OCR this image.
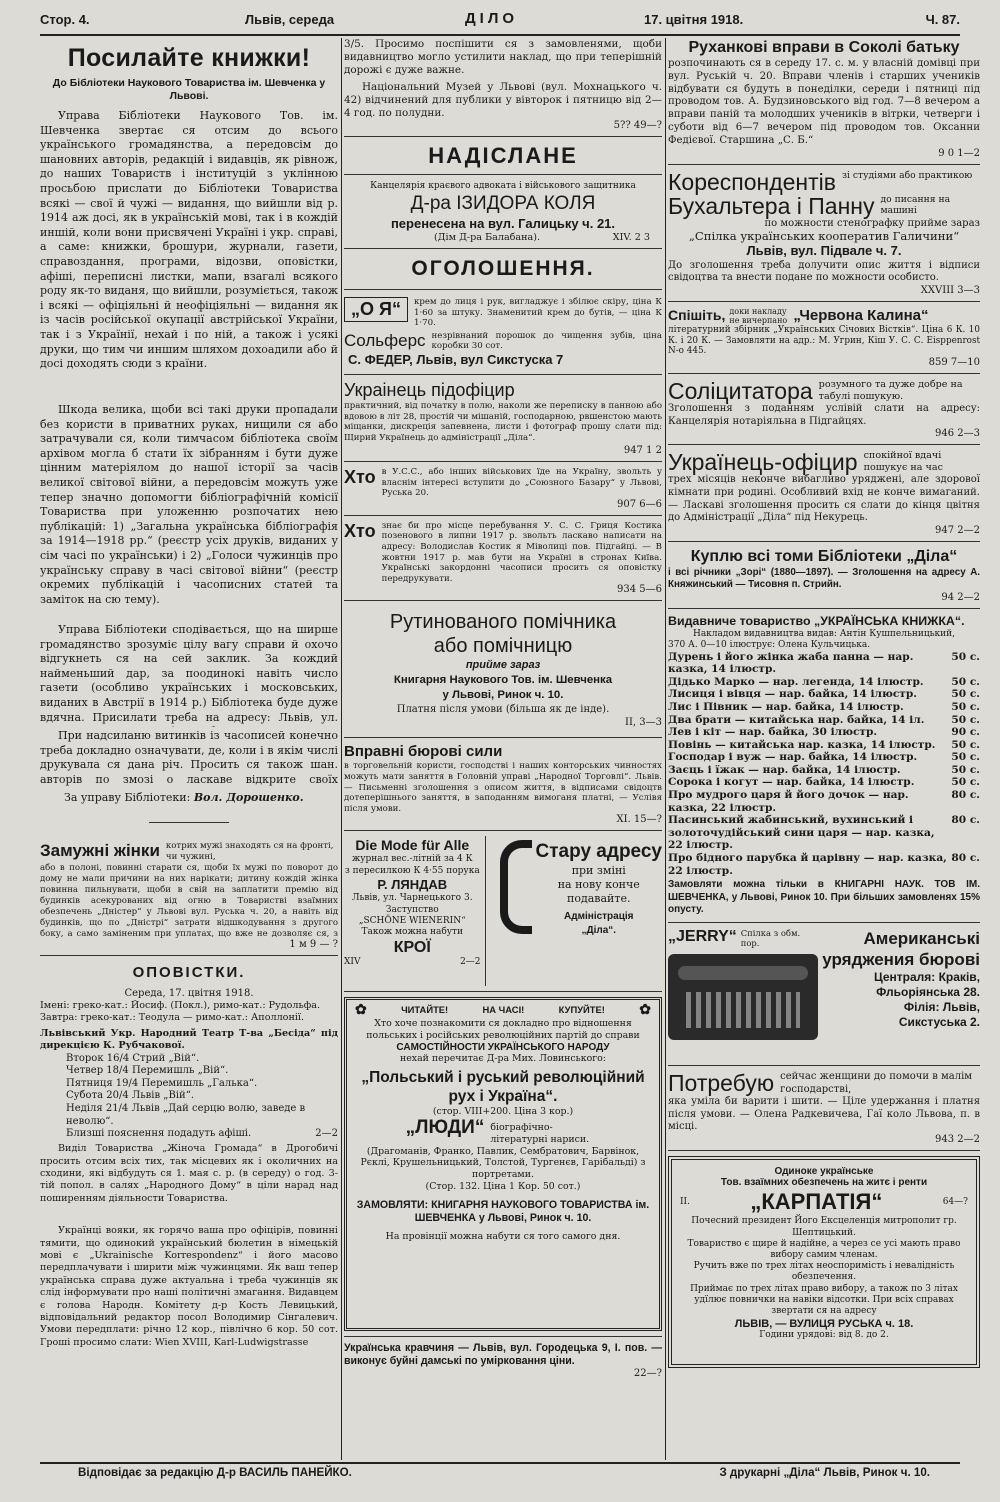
Стор. 4.	Львів, середа	ДІЛО	17. цвітня 1918.	Ч. 87.
Посилайте книжки!
До Бібліотеки Наукового Товариства ім. Шевченка у Львові.

Управа Бібліотеки Наукового Тов. ім. Шевченка звертає ся отсим до всього українського громадянства, а передовсім до шановних авторів, редакцій і видавців, як рівнож, до наших Товариств і інституцій з уклінною просьбою прислати до Бібліотеки Товариства всякі — свої й чужі — видання, що вийшли від р. 1914 аж досі, як в українській мові, так і в кождій иншій, коли вони присвячені Україні і укр. справі, а саме: книжки, брошури, журнали, газети, справоздання, програми, відозви, оповістки, афіші, перепиcні листки, мапи, взагалі всякого роду як-то виданя, що вийшли, розуміється, також і всякі — офіціяльні й неофіціяльні — видання як із часів російської окупації австрійської України, так і з Українії, нехай і по ній, а також і усякі друки, що тим чи иншим шляхом дохоадили або й досі доходять сюди з країни.

Шкода велика, щоби всі такі друки пропадали без користи в приватних руках, нищили ся або затрачували ся, коли тимчасом бібліотека своїм архівом могла б стати їх зібранням і бути дуже цінним матеріялом до нашої історії за часів великої світової війни, а передовсім можуть уже тепер значно допомогти бібліографічній комісії Товариства при уложенню розпочатих нею публікацій: 1) „Загальна українська бібліографія за 1914—1918 рр.“ (реєстр усіх друків, виданих у сім часі по українськи) і 2) „Голоси чужинців про українську справу в часі світової війни“ (реєстр окремих публікацій і часописних статей та заміток на сю тему).

Управа Бібліотеки сподівається, що на ширше громадянство зрозуміє цілу вагу справи й охочо відгукнеть ся на сей заклик. За кождий найменьший дар, за поодинокі навіть число газети (особливо українських і московських, виданих в Австрії в 1914 р.) Бібліотека буде дуже вдячна. Присилати треба на адресу: Львів, ул.

При надсиланю витинків із часописей конечно треба докладно означувати, де, коли і в якім числі друкувала ся дана річ. Просить ся також шан. авторів по змозі о ласкаве відкрите своїх

За управу Бібліотеки: Вол. Дорошенко.
Замужні жінки котрих мужі знаходять ся на фронті, чи чужині,

або в полоні, повинні старати ся, щоби їх мужі по поворот до дому не мали причини на них нарікати; дитину кождій жінка повинна пильнувати, щоби в свій на заплатити премію від будинків асекурованих від огню в Товаристві взаїмних обезпечень „Дністер“ у Львові вул. Руська ч. 20, а навіть від будинків, що по „Дністрі“ затрати відшкодування з другого боку, а само заміненим при уплатах, що вже не дозволяє ся, з

1 м 9 — ?
ОПОВІСТКИ.
Середа, 17. цвітня 1918.

Імені: греко-кат.: Йосиф. (Покл.), римо-кат.: Рудольфа.

Завтра: греко-кат.: Теодула — римо-кат.: Аполлонії.

Львівський Укр. Народний Театр Т-ва „Бесіда“ під дирекцією К. Рубчакової.

Второк 16/4 Стрий „Вій“.
Четвер 18/4 Перемишль „Вій“.
Пятниця 19/4 Перемишль „Галька“.
Субота 20/4 Львів „Вій“.
Неділя 21/4 Львів „Дай серцю волю, заведе в неволю“.
Близші пояснення подадуть афіші.	2—2

Виділ Товариства „Жіноча Громада“ в Дрогобичі просить отсим всіх тих, так місцевих як і околичних на сходини, які відбудуть ся 1. мая с. р. (в середу) о год. 3-тій попол. в салях „Народного Дому“ в ціли нарад над поширенням діяльности Товариства.

Українці вояки, як горячо ваша про офіцірів, повинні тямити, що одинокий український бюлетин в німецькій мові є „Ukrainische Korrespondenz“ і його масово передплачувати і ширити між чужинцями. Як ваш тепер українська справа дуже актуальна і треба чужинців як слід інформувати про наші політичні змагання. Видавцем є голова Народн. Комітету д-р Кость Левицький, відповідальний редактор посол Володимир Сінгалевич. Умови передплати: річно 12 кор., півлічно 6 кор. 50 сот. Гроші просимо слати: Wien XVIII, Karl-Ludwigstrasse

3/5. Просимо поспішити ся з замовленями, щоби видавництво могло устилити наклад, що при теперішній дорожі є дуже важне.

Національний Музей у Львові (вул. Мохнацького ч. 42) відчинений для публики у вівторок і пятницю від 2—4 год. по полудни.

5?? 49—?
НАДІСЛАНЕ
Канцелярія краєвого адвоката і військового защитника
Д-ра ІЗИДОРА КОЛЯ
перенесена на вул. Галицьку ч. 21.
(Дім Д-ра Балабана).	XIV. 2 3
ОГОЛОШЕННЯ.
„О Я“	крем до лиця і рук, вигладжує і збілює скіру, ціна К 1·60 за штуку. Знаменитий крем до бутів, — ціна К 1·70.

Сольферс незрівнаний порошок до чищення зубів, ціна коробки 30 сот.

С. ФЕДЕР, Львів, вул Сикстуска 7
Украінець підофіцир

практичний, від початку в полю, наколи же переписку в панною або вдовою в літ 28, простій чи мішаній, господарною, рвшенстою мають міщанки, дискреція запевнена, листи і фотограф прошу слати під: Щирий Українець до адміністрації „Діла“.

947 1 2
Хто в У.С.С., або інших військових їде на Україну, звольть у власнім інтересі вступити до „Союзного Базару“ у Львові, Руська 20.

907 6—6
Хто знає би про місце перебування У. С. С. Гриця Костика позенового в липни 1917 р. звольть ласкаво написати на адресу: Володислав Костик я Міволиці пов. Підгайці. — В жовтни 1917 р. мав бути на Україні в стронах Київа. Українські закордонні часописи просить ся оповістку передрукувати.

934 5—6
Рутинованого помічника
або помічницю
прийме зараз
Книгарня Наукового Тов. ім. Шевченка
у Львові, Ринок ч. 10.
Платня після умови (більша як де інде).
II, 3—3
Вправні бюрові сили

в торговельній користи, господстві і наших конторських чинностях можуть мати заняття в Головній управі „Народної Торговлі“. Львів. — Письменні зголошення з описом життя, в відписами свідоцтв дотеперішнього заняття, в заподанням вимоганя платні, — Услівя після умови.

XI. 15—?
Die Mode für Alle
журнал вес.-літній за 4 К
з пересилкою К 4·55 порука
Р. ЛЯНДАВ
Львів, ул. Чарнецького 3.
Заступство
„SCHÖNE WIENERIN“
Також можна набути
КРОЇ
XIV	2—2
Стару адресу
при зміні
на нову конче
подавайте.
Адміністрація
„Діла“.
✿	ЧИТАЙТЕ!	НА ЧАСІ!	КУПУЙТЕ! ✿
Хто хоче познакомити ся докладно про відношення польських і російських революційних партій до справи
САМОСТІЙНОСТИ УКРАЇНСЬКОГО НАРОДУ
нехай перечитає Д-ра Мих. Ловинського:
„Польський і руський революційний рух і Україна“.
(стор. VIII+200. Ціна 3 кор.)
„ЛЮДИ“ біографічно-літературні нариси.
(Драгоманів, Франко, Павлик, Сембратович, Барвінок, Рєклі, Крушельницький, Толстой, Тургенєв, Гарібальді) з портретами.
(Стор. 132. Ціна 1 Кор. 50 сот.)
ЗАМОВЛЯТИ: КНИГАРНЯ НАУКОВОГО ТОВАРИСТВА ім. ШЕВЧЕНКА у Львові, Ринок ч. 10.
На провінції можна набути ся того самого дня.

Українська кравчиня — Львів, вул. Городецька 9, I. пов. — виконує буйні дамські по умірковання ціни.

22—?
Руханкові вправи в Соколі батьку

розпочинають ся в середу 17. с. м. у власній домівці при вул. Руській ч. 20. Вправи членів і старших учеників відбувати ся будуть в понеділки, середи і пятниці під проводом тов. А. Будзиновського від год. 7—8 вечером а вправи паній та молодших учеників в вітрки, четверги і суботи від 6—7 вечером під проводом тов. Оксанни Федієвої. Старшина „С. Б.“

9 0 1—2
Кореспондентів зі студіями або практикою
Бухальтера і Панну до писання на машині
по можности стенографку прийме зараз
„Спілка українських кооператив Галичини“
Львів, вул. Підвале ч. 7.

До зголошення треба долучити опис життя і відписи свідоцтва та внести подане по можности особисто.

XXVIII 3—3
Спішіть, доки накладу не вичерпано „Червона Калина“

літературний збірник „Українських Січових Вістків“. Ціна 6 К. 10 К. і 20 К. — Замовляти на адр.: М. Угрин, Кіш У. С. С. Eisppenrost N-o 445.

859 7—10
Соліцитатора розумного та дуже добре на табулі пошукую.

Зголошення з поданням услівій слати на адресу: Канцелярія нотаріяльна в Підгайцях.

946 2—3
Українець-офіцир спокійної вдачі пошукує на час

трех місяців неконче вибагливо уряджені, але здорової кімнати при родині. Особливий вхід не конче вимаганий. — Ласкаві зголошення просить ся слати до кінця цвітня до Адміністрації „Діла“ під Некурець.

947 2—2
Куплю всі томи Бібліотеки „Діла“

і всі річники „Зорі“ (1880—1897). — Зголошення на адресу А. Княжинський — Тисовня п. Стрийн.

94 2—2
Видавниче товариство „УКРАЇНСЬКА КНИЖКА“.
Накладом видавництва видав: Антін Кушпельницький,
370 А. 0—10 ілюструє: Олена Кульчицька.
Дурень і його жінка жаба панна — нар. казка, 14 ілюстр.
50 с.
Дідько Марко — нар. легенда, 14 ілюстр.	50 с.
Лисиця і вівця — нар. байка, 14 ілюстр.	50 с.
Лис і Півник — нар. байка, 14 ілюстр.	50 с.
Два брати — китайська нар. байка, 14 іл.	50 с.
Лев і кіт — нар. байка, 30 ілюстр.	90 с.
Повінь — китайська нар. казка, 14 ілюстр.	50 с.
Господар і вуж — нар. байка, 14 ілюстр.	50 с.
Заєць і їжак — нар. байка, 14 ілюстр.	50 с.
Сорока і когут — нар. байка, 14 ілюстр.	50 с.
Про мудрого царя й його дочок — нар. казка, 22 ілюстр.
80 с.
Пасинський жабинський, вухинський і золоточудійський сини царя — нар. казка, 22 ілюстр.
80 с.
Про бідного парубка й царівну — нар. казка, 22 ілюстр.
80 с.

Замовляти можна тільки в КНИГАРНІ НАУК. ТОВ ІМ. ШЕВЧЕНКА, у Львові, Ринок 10. При більших замовленях 15% опусту.

„JERRY“ Спілка з обм. пор.	Американські уряджения бюрові
Централя: Краків,
Фльоріянська 28.
Філія: Львів,
Сикстуська 2.
Потребую сейчас женщини до помочи в малім господарстві,

яка уміла би варити і шити. — Ціле удержання і платня після умови. — Олена Радкевичева, Гаї коло Львова, п. в місці.

943 2—2
Одиноке українське
Тов. взаїмних обезпечень на житє і ренти
II.	„КАРПАТІЯ“	64—?
Почесний президент Його Ексцеленція митрополит гр. Шептицький.
Товариство є щире й надійне, а через се усі мають право вибору самим членам.
Ручить вже по трех літах неоспоримість і невалідність обезпечення.
Приймає по трех літах право вибору, а також по 3 літах удїлює повнички на навіки відсотки. При всіх справах звертати ся на адресу
ЛЬВІВ, — ВУЛИЦЯ РУСЬКА ч. 18.
Години урядові: від 8. до 2.
Відповідає за редакцію Д-р ВАСИЛЬ ПАНЕЙКО.	З друкарні „Діла“ Львів, Ринок ч. 10.
